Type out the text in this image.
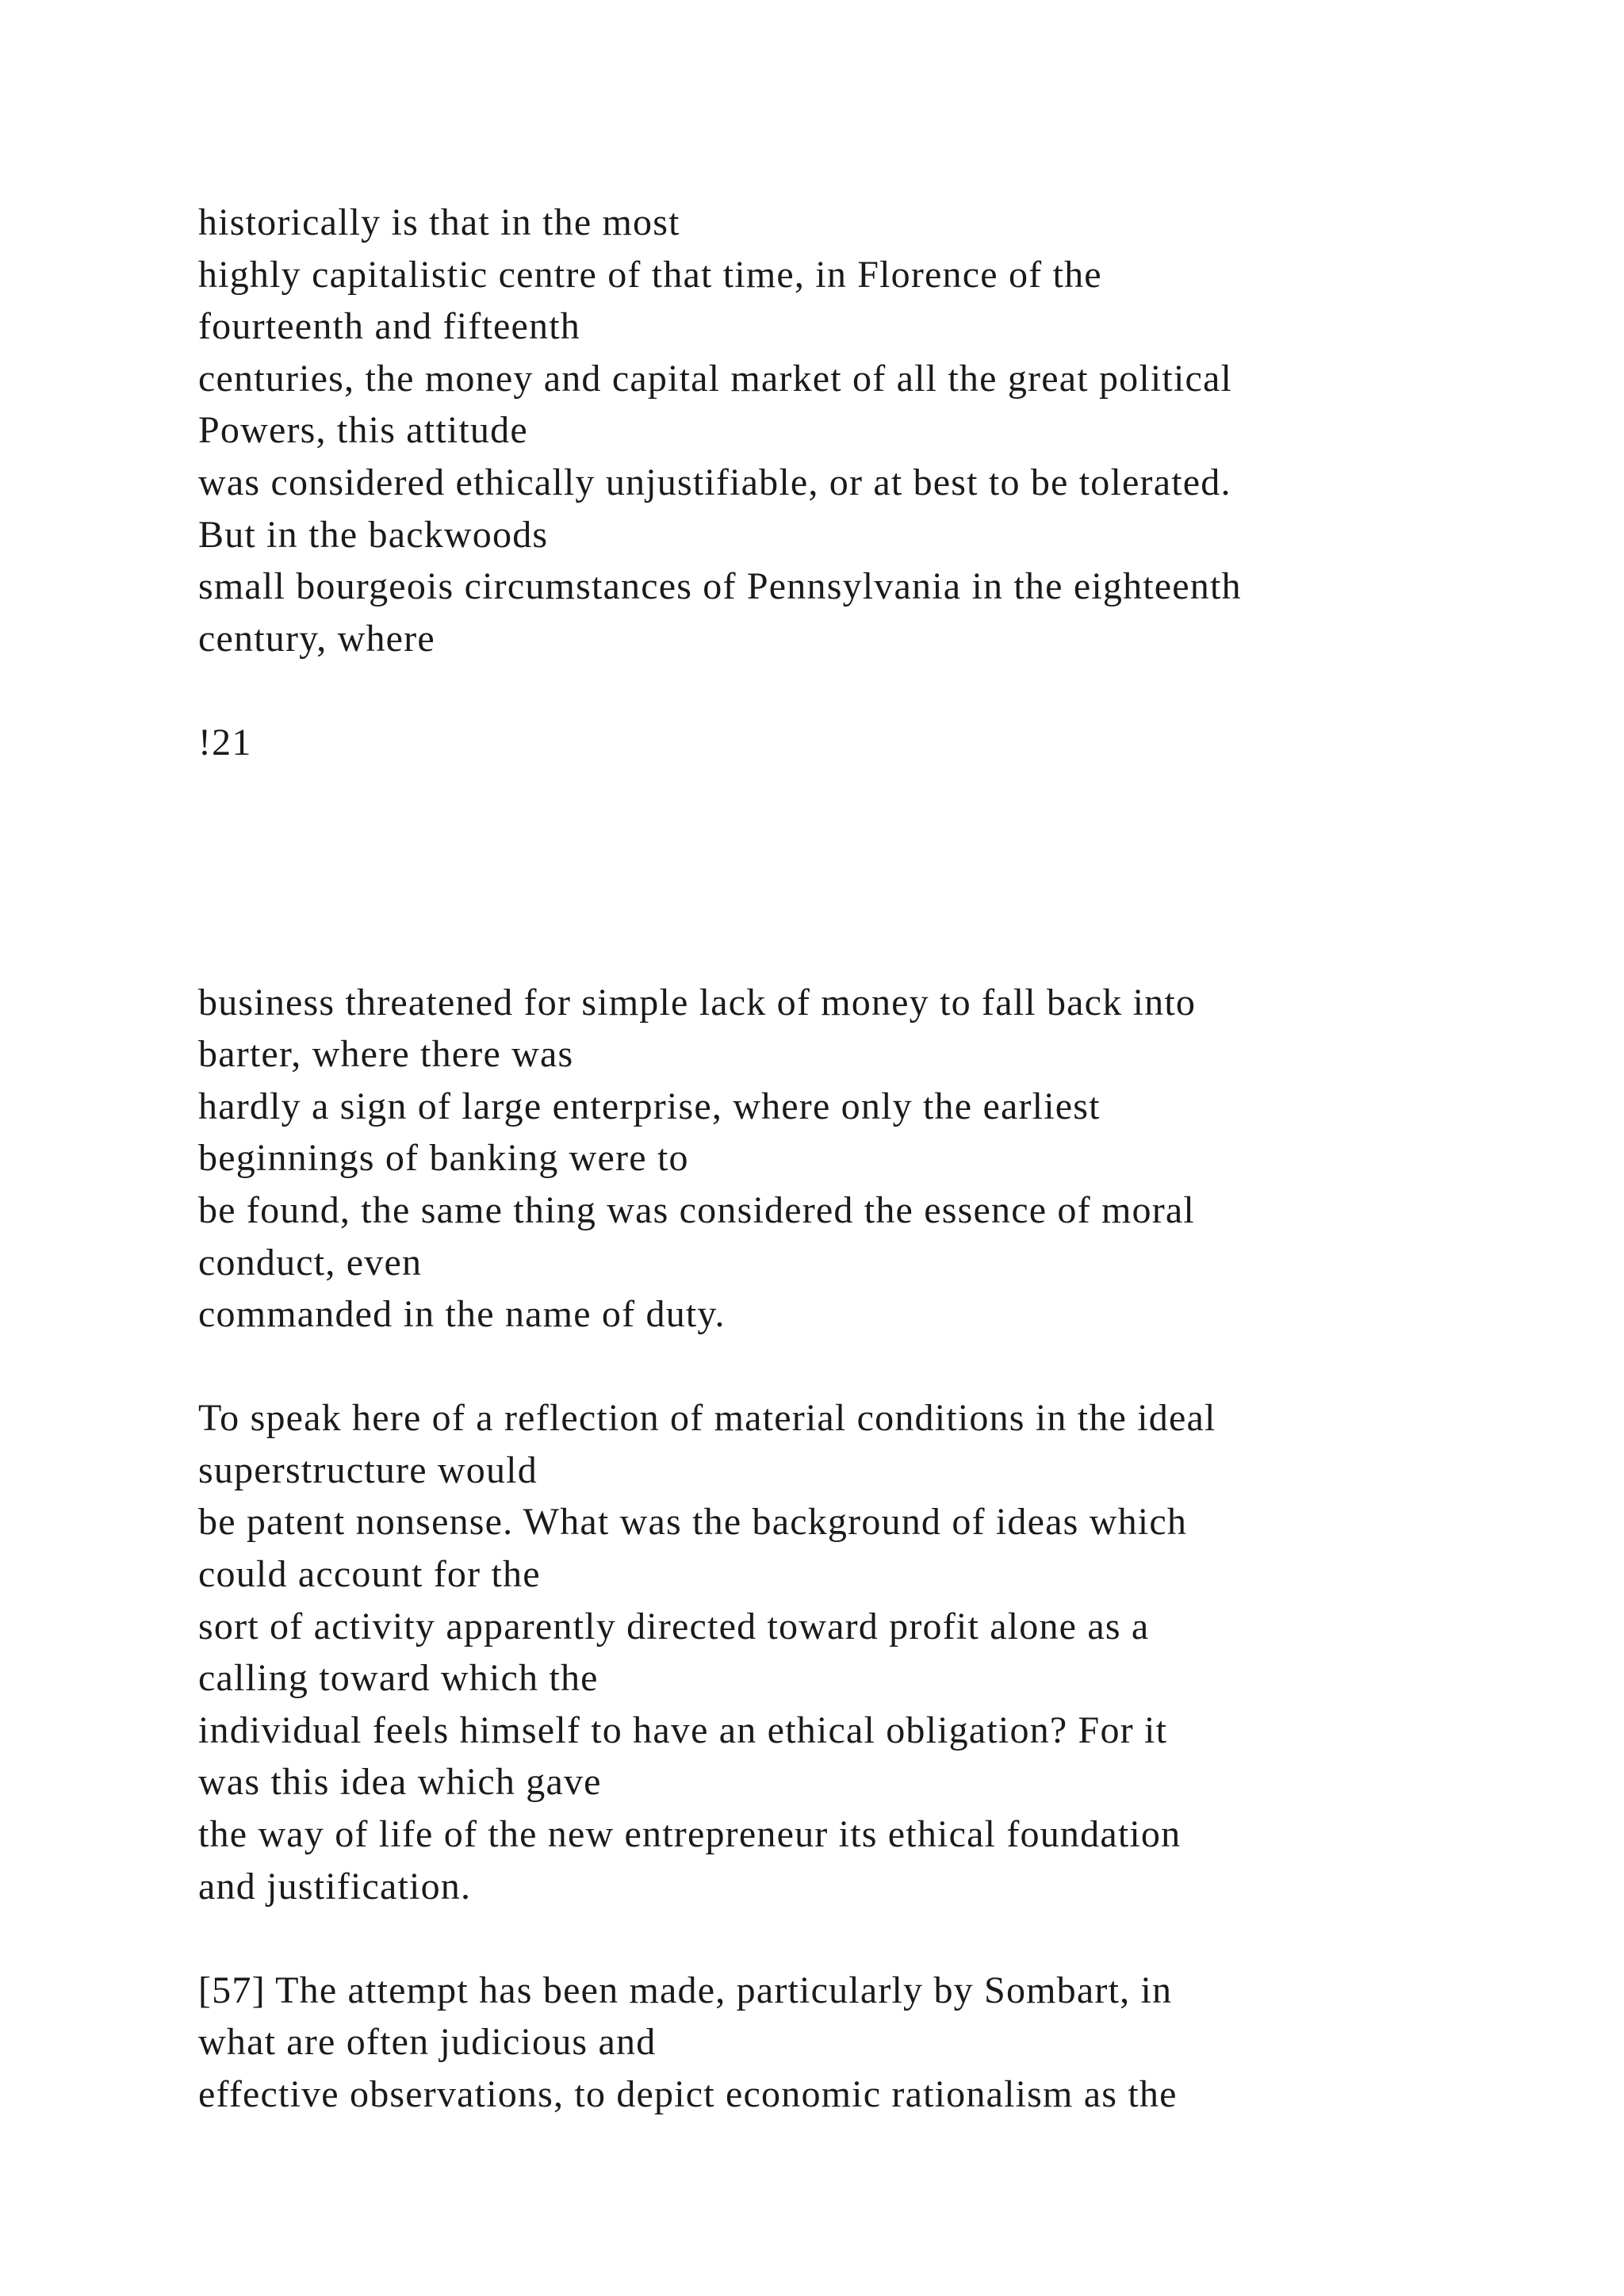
historically is that in the most
highly capitalistic centre of that time, in Florence of the
fourteenth and fifteenth
centuries, the money and capital market of all the great political
Powers, this attitude
was considered ethically unjustifiable, or at best to be tolerated.
But in the backwoods
small bourgeois circumstances of Pennsylvania in the eighteenth
century, where
!21
business threatened for simple lack of money to fall back into
barter, where there was
hardly a sign of large enterprise, where only the earliest
beginnings of banking were to
be found, the same thing was considered the essence of moral
conduct, even
commanded in the name of duty.
To speak here of a reflection of material conditions in the ideal
superstructure would
be patent nonsense. What was the background of ideas which
could account for the
sort of activity apparently directed toward profit alone as a
calling toward which the
individual feels himself to have an ethical obligation? For it
was this idea which gave
the way of life of the new entrepreneur its ethical foundation
and justification.
[57] The attempt has been made, particularly by Sombart, in
what are often judicious and
effective observations, to depict economic rationalism as the
